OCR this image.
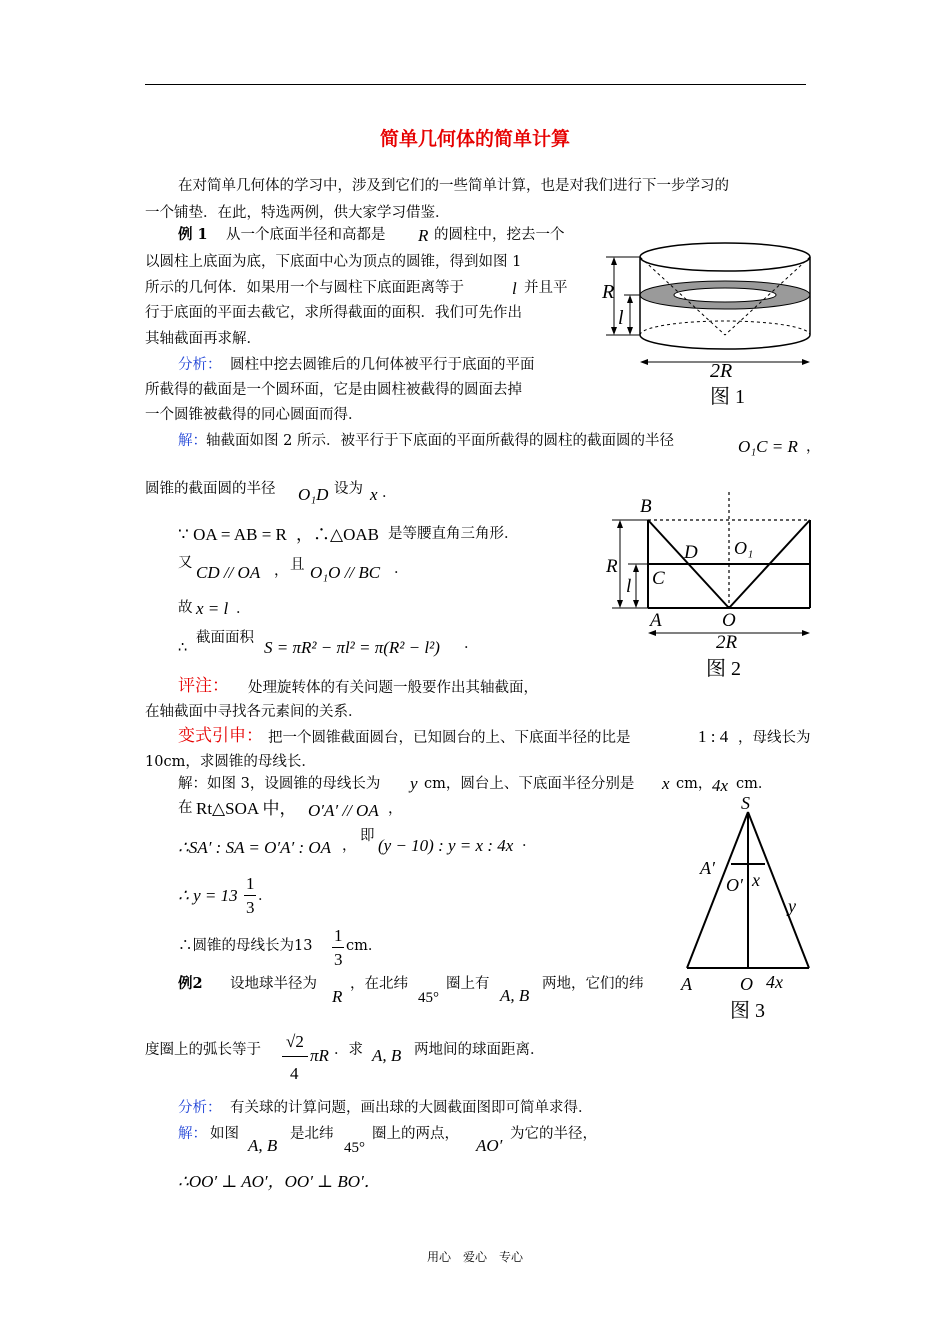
简单几何体的简单计算
在对简单几何体的学习中，涉及到它们的一些简单计算，也是对我们进行下一步学习的
一个铺垫．在此，特选两例，供大家学习借鉴．
例 1 从一个底面半径和高都是 R 的圆柱中，挖去一个
以圆柱上底面为底，下底面中心为顶点的圆锥，得到如图 1
所示的几何体．如果用一个与圆柱下底面距离等于	l 并且平
行于底面的平面去截它，求所得截面的面积．我们可先作出
其轴截面再求解．
分析： 圆柱中挖去圆锥后的几何体被平行于底面的平面
所截得的截面是一个圆环面，它是由圆柱被截得的圆面去掉
一个圆锥被截得的同心圆面而得．
解： 轴截面如图 2 所示．被平行于下底面的平面所截得的圆柱的截面圆的半径	O₁C = R ，
圆锥的截面圆的半径 O₁D 设为 x ．
∵ OA = AB = R ，∴△OAB 是等腰直角三角形．
又 CD // OA ， 且 O₁O // BC ．
故 x = l ．
∴
截面面积 S = πR² − πl² = π(R² − l²) ．
评注： 处理旋转体的有关问题一般要作出其轴截面，
在轴截面中寻找各元素间的关系．
变式引申： 把一个圆锥截面圆台，已知圆台的上、下底面半径的比是	1 : 4 ，母线长为
10cm，求圆锥的母线长．
解：如图 3，设圆锥的母线长为 y cm，圆台上、下底面半径分别是 x cm， 4x cm．
在 Rt△SOA 中， O′A′ // OA ，
∴SA′ : SA = O′A′ : OA ，
即 (y − 10) : y = x : 4x ．
∴ y = 13
1
3
．
∴圆锥的母线长为13
1
3
cm．
例2 设地球半径为
R
，在北纬
45°
圈上有
A, B
两地，它们的纬
度圈上的弧长等于 √2
4
πR ．求 A, B 两地间的球面距离．
分析： 有关球的计算问题，画出球的大圆截面图即可简单求得．
解： 如图
A, B
是北纬
45°
圈上的两点，
AO′
为它的半径，
∴OO′ ⊥ AO′，OO′ ⊥ BO′．
R
l
2R
图 1
B
D O₁
R
C
l
A	O
2R
图 2
S
A′
O′ x
y
A	O 4x
图 3
用心　爱心　专心
